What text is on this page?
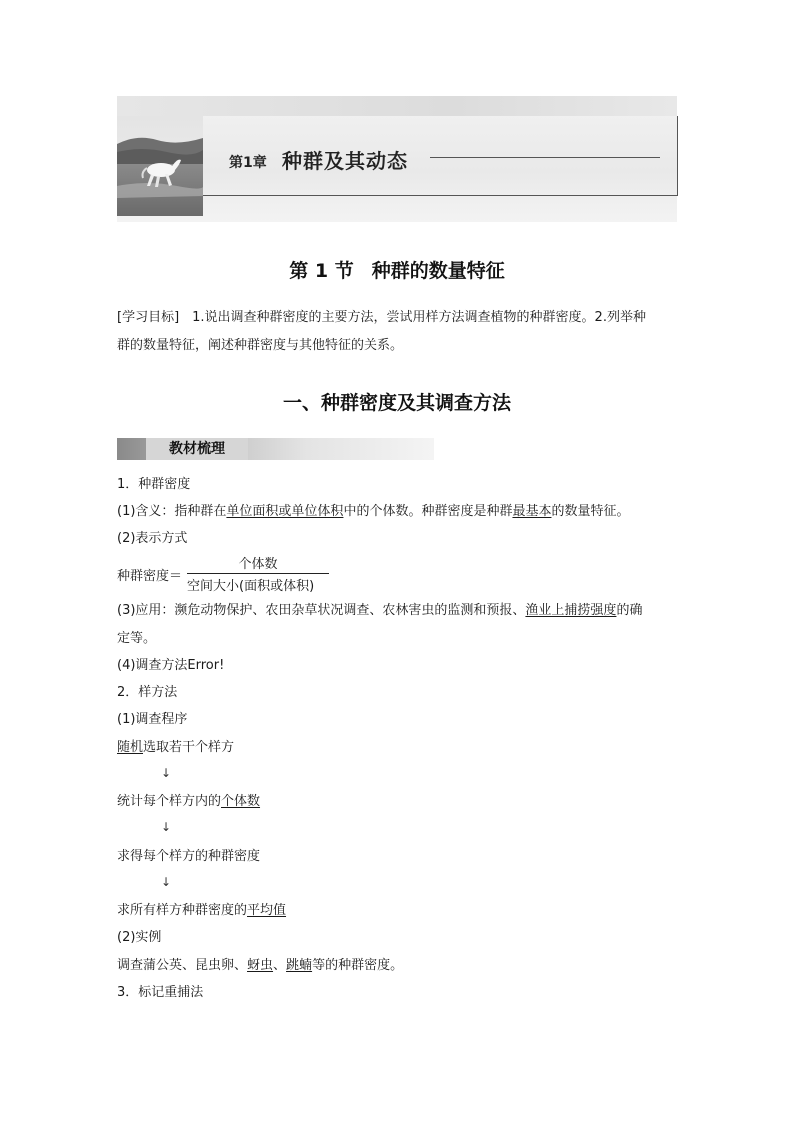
第1章 种群及其动态
第 1 节 种群的数量特征
[学习目标]　1.说出调查种群密度的主要方法，尝试用样方法调查植物的种群密度。2.列举种
群的数量特征，阐述种群密度与其他特征的关系。
一、种群密度及其调查方法
教材梳理
1．种群密度
(1)含义：指种群在单位面积或单位体积中的个体数。种群密度是种群最基本的数量特征。
(2)表示方式
种群密度＝
个体数
空间大小(面积或体积)
(3)应用：濒危动物保护、农田杂草状况调查、农林害虫的监测和预报、渔业上捕捞强度的确
定等。
(4)调查方法Error!
2．样方法
(1)调查程序
随机选取若干个样方
↓
统计每个样方内的个体数
↓
求得每个样方的种群密度
↓
求所有样方种群密度的平均值
(2)实例
调查蒲公英、昆虫卵、蚜虫、跳蝻等的种群密度。
3．标记重捕法
